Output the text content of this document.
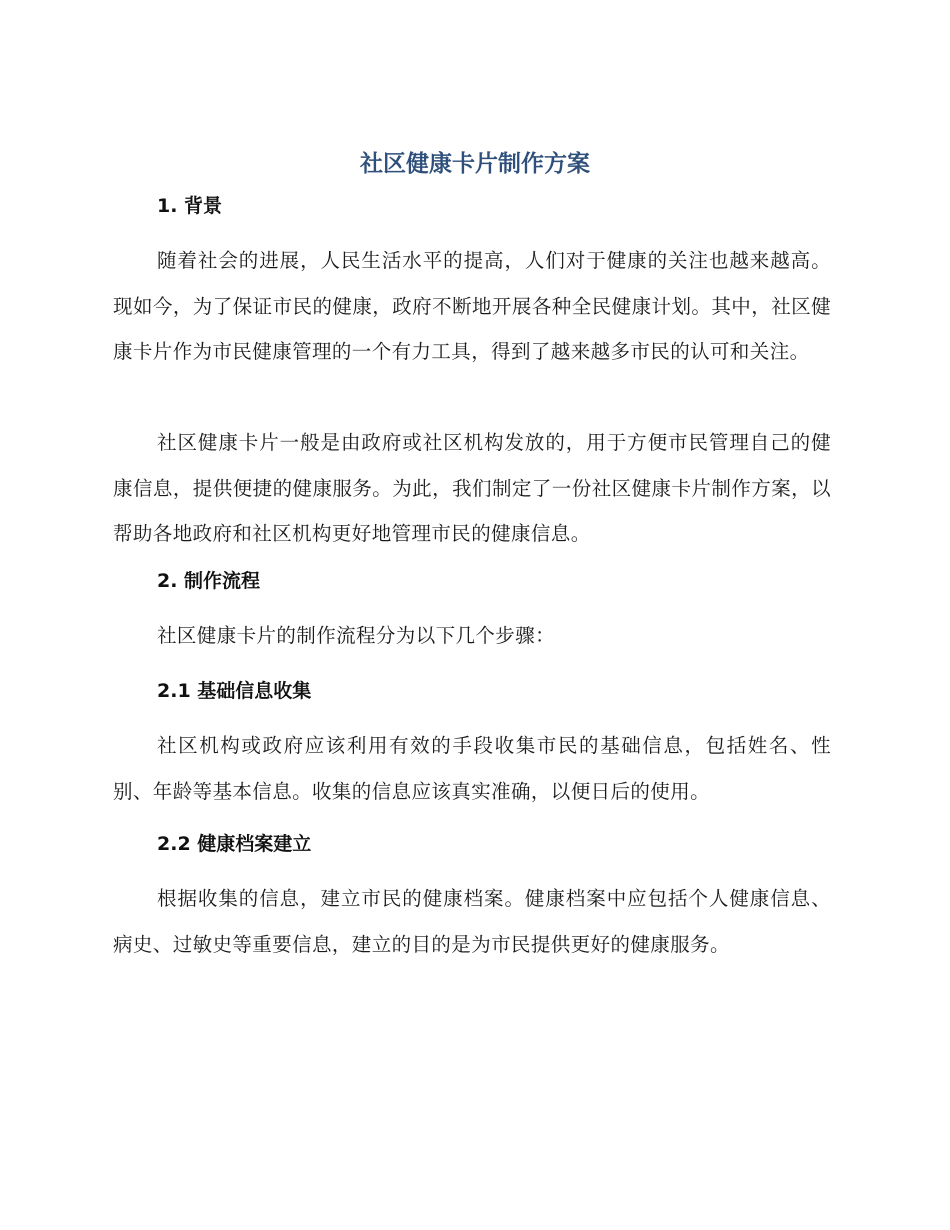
社区健康卡片制作方案
1. 背景

随着社会的进展，人民生活水平的提高，人们对于健康的关注也越来越高。现如今，为了保证市民的健康，政府不断地开展各种全民健康计划。其中，社区健康卡片作为市民健康管理的一个有力工具，得到了越来越多市民的认可和关注。

社区健康卡片一般是由政府或社区机构发放的，用于方便市民管理自己的健康信息，提供便捷的健康服务。为此，我们制定了一份社区健康卡片制作方案，以帮助各地政府和社区机构更好地管理市民的健康信息。

2. 制作流程

社区健康卡片的制作流程分为以下几个步骤：

2.1 基础信息收集

社区机构或政府应该利用有效的手段收集市民的基础信息，包括姓名、性别、年龄等基本信息。收集的信息应该真实准确，以便日后的使用。

2.2 健康档案建立

根据收集的信息，建立市民的健康档案。健康档案中应包括个人健康信息、病史、过敏史等重要信息，建立的目的是为市民提供更好的健康服务。
